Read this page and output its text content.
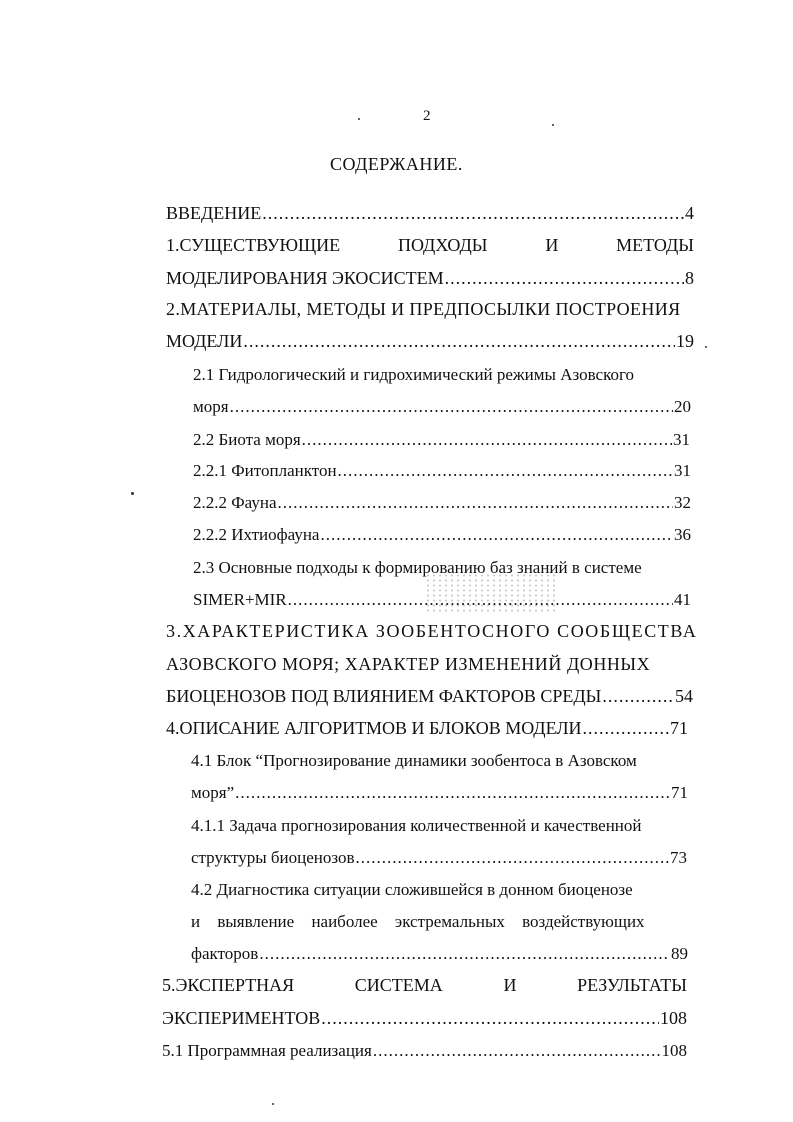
2
СОДЕРЖАНИЕ.
ВВЕДЕНИЕ .....	4
1.СУЩЕСТВУЮЩИЕ	ПОДХОДЫ	И	МЕТОДЫ
МОДЕЛИРОВАНИЯ ЭКОСИСТЕМ .....	8
2.МАТЕРИАЛЫ, МЕТОДЫ И ПРЕДПОСЫЛКИ ПОСТРОЕНИЯ
МОДЕЛИ .....	19
2.1 Гидрологический и гидрохимический режимы Азовского
моря .....	20
2.2 Биота моря .....	31
2.2.1 Фитопланктон .....	31
2.2.2 Фауна .....	32
2.2.2 Ихтиофауна .....	36
2.3 Основные подходы к формированию баз знаний в системе
SIMER+MIR .....	41
3.ХАРАКТЕРИСТИКА ЗООБЕНТОСНОГО СООБЩЕСТВА
АЗОВСКОГО МОРЯ; ХАРАКТЕР ИЗМЕНЕНИЙ ДОННЫХ
БИОЦЕНОЗОВ ПОД ВЛИЯНИЕМ ФАКТОРОВ СРЕДЫ .....	54
4.ОПИСАНИЕ АЛГОРИТМОВ И БЛОКОВ МОДЕЛИ .....	71
4.1 Блок “Прогнозирование динамики зообентоса в Азовском
моря” .....	71
4.1.1 Задача прогнозирования количественной и качественной
структуры биоценозов .....	73
4.2 Диагностика ситуации сложившейся в донном биоценозе
и выявление наиболее экстремальных воздействующих
факторов .....	89
5.ЭКСПЕРТНАЯ	СИСТЕМА	И	РЕЗУЛЬТАТЫ
ЭКСПЕРИМЕНТОВ .....	108
5.1 Программная реализация .....	108
